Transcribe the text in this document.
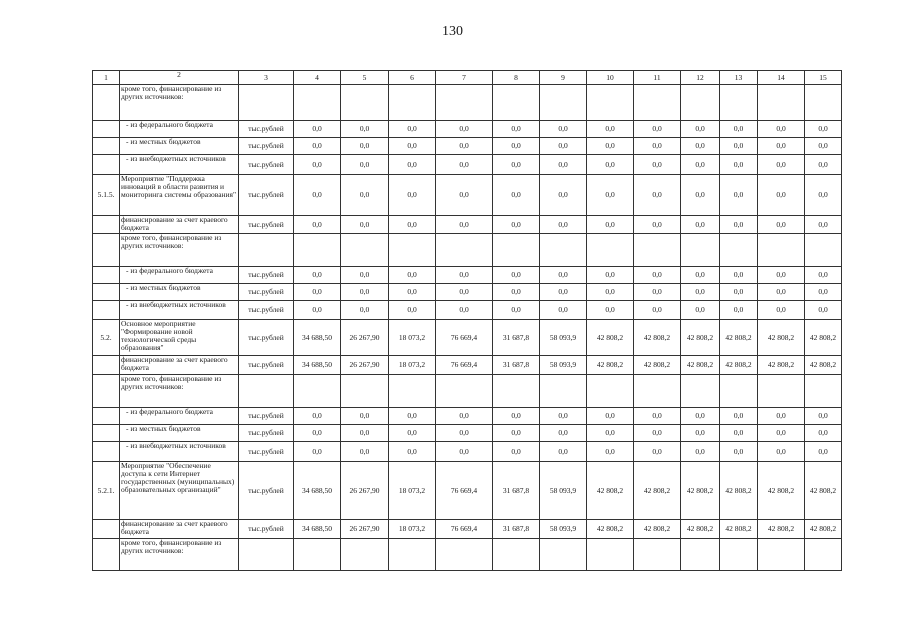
130
1	2	3	4	5	6	7	8	9	10	11	12	13	14	15
	кроме того, финансирование из других источников:													
	- из федерального бюджета	тыс.рублей	0,0	0,0	0,0	0,0	0,0	0,0	0,0	0,0	0,0	0,0	0,0	0,0
	- из местных бюджетов	тыс.рублей	0,0	0,0	0,0	0,0	0,0	0,0	0,0	0,0	0,0	0,0	0,0	0,0
	- из внебюджетных источников	тыс.рублей	0,0	0,0	0,0	0,0	0,0	0,0	0,0	0,0	0,0	0,0	0,0	0,0
5.1.5.	Мероприятие "Поддержка инноваций в области развития и мониторинга системы образования"	тыс.рублей	0,0	0,0	0,0	0,0	0,0	0,0	0,0	0,0	0,0	0,0	0,0	0,0
	финансирование за счет краевого бюджета	тыс.рублей	0,0	0,0	0,0	0,0	0,0	0,0	0,0	0,0	0,0	0,0	0,0	0,0
	кроме того, финансирование из других источников:													
	- из федерального бюджета	тыс.рублей	0,0	0,0	0,0	0,0	0,0	0,0	0,0	0,0	0,0	0,0	0,0	0,0
	- из местных бюджетов	тыс.рублей	0,0	0,0	0,0	0,0	0,0	0,0	0,0	0,0	0,0	0,0	0,0	0,0
	- из внебюджетных источников	тыс.рублей	0,0	0,0	0,0	0,0	0,0	0,0	0,0	0,0	0,0	0,0	0,0	0,0
5.2.	Основное мероприятие "Формирование новой технологической среды образования"	тыс.рублей	34 688,50	26 267,90	18 073,2	76 669,4	31 687,8	58 093,9	42 808,2	42 808,2	42 808,2	42 808,2	42 808,2	42 808,2
	финансирование за счет краевого бюджета	тыс.рублей	34 688,50	26 267,90	18 073,2	76 669,4	31 687,8	58 093,9	42 808,2	42 808,2	42 808,2	42 808,2	42 808,2	42 808,2
	кроме того, финансирование из других источников:													
	- из федерального бюджета	тыс.рублей	0,0	0,0	0,0	0,0	0,0	0,0	0,0	0,0	0,0	0,0	0,0	0,0
	- из местных бюджетов	тыс.рублей	0,0	0,0	0,0	0,0	0,0	0,0	0,0	0,0	0,0	0,0	0,0	0,0
	- из внебюджетных источников	тыс.рублей	0,0	0,0	0,0	0,0	0,0	0,0	0,0	0,0	0,0	0,0	0,0	0,0
5.2.1.	Мероприятие "Обеспечение доступа к сети Интернет государственных (муниципальных) образовательных организаций"	тыс.рублей	34 688,50	26 267,90	18 073,2	76 669,4	31 687,8	58 093,9	42 808,2	42 808,2	42 808,2	42 808,2	42 808,2	42 808,2
	финансирование за счет краевого бюджета	тыс.рублей	34 688,50	26 267,90	18 073,2	76 669,4	31 687,8	58 093,9	42 808,2	42 808,2	42 808,2	42 808,2	42 808,2	42 808,2
	кроме того, финансирование из других источников:													
